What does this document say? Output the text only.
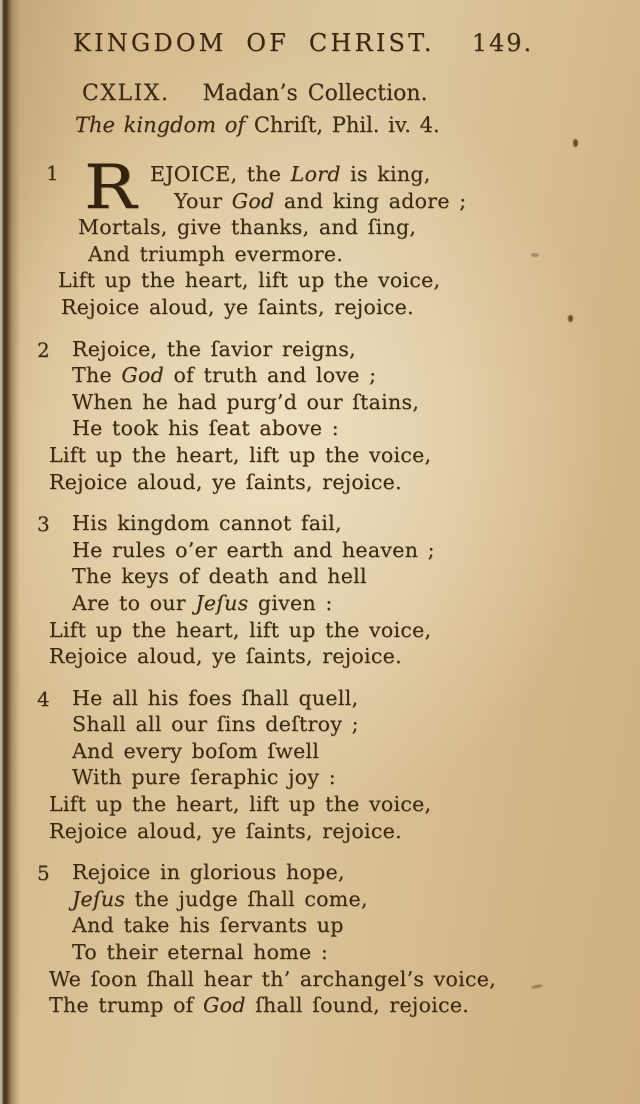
KINGDOM OF CHRIST. 149.
CXLIX. Madan’s Collection.
The kingdom of Chriſt, Phil. iv. 4.
1 R EJOICE, the Lord is king,
Your God and king adore ;
Mortals, give thanks, and ſing,
And triumph evermore.
Lift up the heart, lift up the voice,
Rejoice aloud, ye ſaints, rejoice.
2 Rejoice, the ſavior reigns,
The God of truth and love ;
When he had purg’d our ſtains,
He took his ſeat above :
Lift up the heart, lift up the voice,
Rejoice aloud, ye ſaints, rejoice.
3 His kingdom cannot fail,
He rules o’er earth and heaven ;
The keys of death and hell
Are to our Jeſus given :
Lift up the heart, lift up the voice,
Rejoice aloud, ye ſaints, rejoice.
4 He all his foes ſhall quell,
Shall all our ſins deſtroy ;
And every boſom ſwell
With pure ſeraphic joy :
Lift up the heart, lift up the voice,
Rejoice aloud, ye ſaints, rejoice.
5 Rejoice in glorious hope,
Jeſus the judge ſhall come,
And take his ſervants up
To their eternal home :
We ſoon ſhall hear th’ archangel’s voice,
The trump of God ſhall ſound, rejoice.
